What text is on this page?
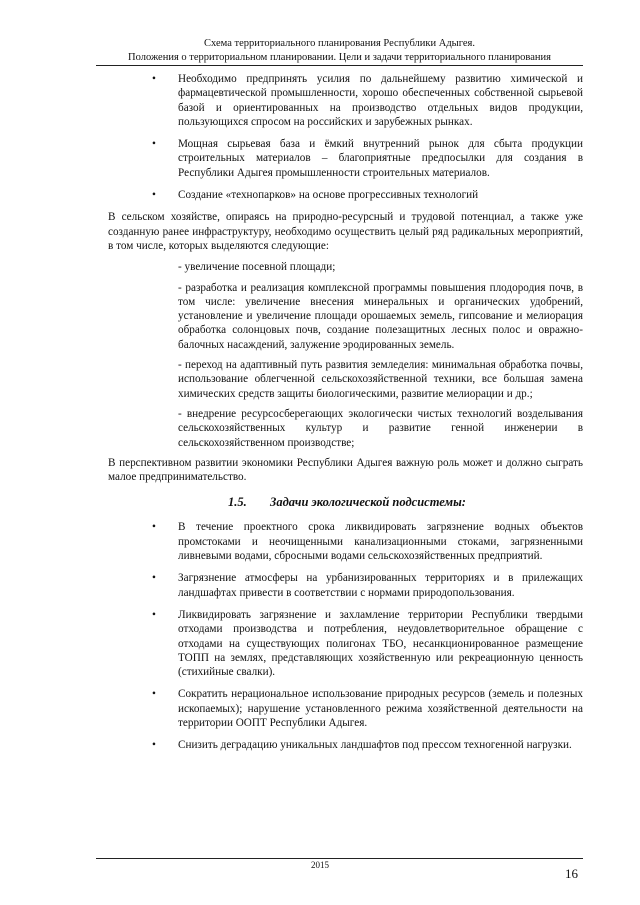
Схема территориального планирования Республики Адыгея.
Положения о территориальном планировании. Цели и задачи территориального планирования
•	Необходимо предпринять усилия по дальнейшему развитию химической и фармацевтической промышленности, хорошо обеспеченных собственной сырьевой базой и ориентированных на производство отдельных видов продукции, пользующихся спросом на российских и зарубежных рынках.
•	Мощная сырьевая база и ёмкий внутренний рынок для сбыта продукции строительных материалов – благоприятные предпосылки для создания в Республики Адыгея промышленности строительных материалов.
•	Создание «технопарков» на основе прогрессивных технологий

В сельском хозяйстве, опираясь на природно-ресурсный и трудовой потенциал, а также уже созданную ранее инфраструктуру, необходимо осуществить целый ряд радикальных мероприятий, в том числе, которых выделяются следующие:

- увеличение посевной площади;
- разработка и реализация комплексной программы повышения плодородия почв, в том числе: увеличение внесения минеральных и органических удобрений, установление и увеличение площади орошаемых земель, гипсование и мелиорация обработка солонцовых почв, создание полезащитных лесных полос и овражно-балочных насаждений, залужение эродированных земель.
- переход на адаптивный путь развития земледелия: минимальная обработка почвы, использование облегченной сельскохозяйственной техники, все большая замена химических средств защиты биологическими, развитие мелиорации и др.;
- внедрение ресурсосберегающих экологически чистых технологий возделывания сельскохозяйственных культур и развитие генной инженерии в сельскохозяйственном производстве;

В перспективном развитии экономики Республики Адыгея важную роль может и должно сыграть малое предпринимательство.

1.5. Задачи экологической подсистемы:
•	В течение проектного срока ликвидировать загрязнение водных объектов промстоками и неочищенными канализационными стоками, загрязненными ливневыми водами, сбросными водами сельскохозяйственных предприятий.
•	Загрязнение атмосферы на урбанизированных территориях и в прилежащих ландшафтах привести в соответствии с нормами природопользования.
•	Ликвидировать загрязнение и захламление территории Республики твердыми отходами производства и потребления, неудовлетворительное обращение с отходами на существующих полигонах ТБО, несанкционированное размещение ТОПП на землях, представляющих хозяйственную или рекреационную ценность (стихийные свалки).
•	Сократить нерациональное использование природных ресурсов (земель и полезных ископаемых); нарушение установленного режима хозяйственной деятельности на территории ООПТ Республики Адыгея.
•	Снизить деградацию уникальных ландшафтов под прессом техногенной нагрузки.
2015
16
